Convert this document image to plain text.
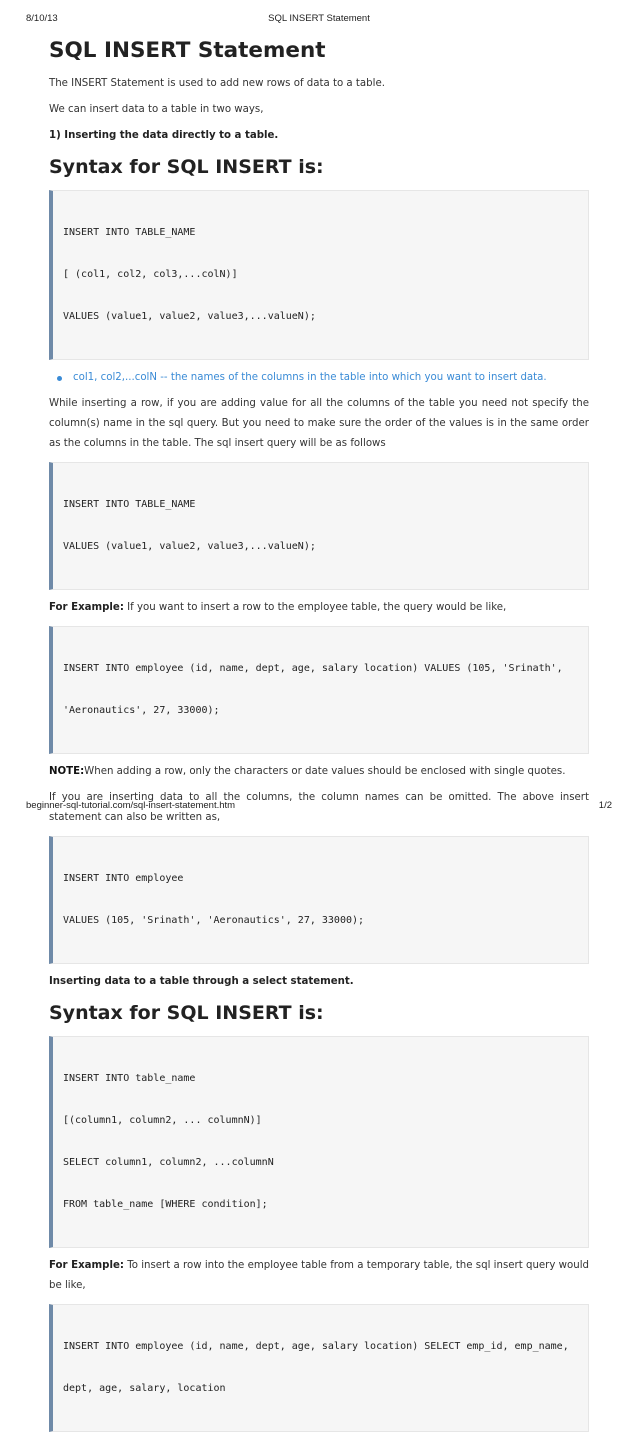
8/10/13	SQL INSERT Statement
SQL INSERT Statement

The INSERT Statement is used to add new rows of data to a table.

We can insert data to a table in two ways,

1) Inserting the data directly to a table.

Syntax for SQL INSERT is:

INSERT INTO TABLE_NAME

[ (col1, col2, col3,...colN)]

VALUES (value1, value2, value3,...valueN);

col1, col2,...colN -- the names of the columns in the table into which you want to insert data.

While inserting a row, if you are adding value for all the columns of the table you need not specify the column(s) name in the sql query. But you need to make sure the order of the values is in the same order as the columns in the table. The sql insert query will be as follows

INSERT INTO TABLE_NAME

VALUES (value1, value2, value3,...valueN);

For Example: If you want to insert a row to the employee table, the query would be like,

INSERT INTO employee (id, name, dept, age, salary location) VALUES (105, 'Srinath',

'Aeronautics', 27, 33000);

NOTE:When adding a row, only the characters or date values should be enclosed with single quotes.

If you are inserting data to all the columns, the column names can be omitted. The above insert statement can also be written as,

INSERT INTO employee

VALUES (105, 'Srinath', 'Aeronautics', 27, 33000);

Inserting data to a table through a select statement.

Syntax for SQL INSERT is:

INSERT INTO table_name

[(column1, column2, ... columnN)]

SELECT column1, column2, ...columnN

FROM table_name [WHERE condition];

For Example: To insert a row into the employee table from a temporary table, the sql insert query would be like,

INSERT INTO employee (id, name, dept, age, salary location) SELECT emp_id, emp_name,

dept, age, salary, location

beginner-sql-tutorial.com/sql-insert-statement.htm	1/2
